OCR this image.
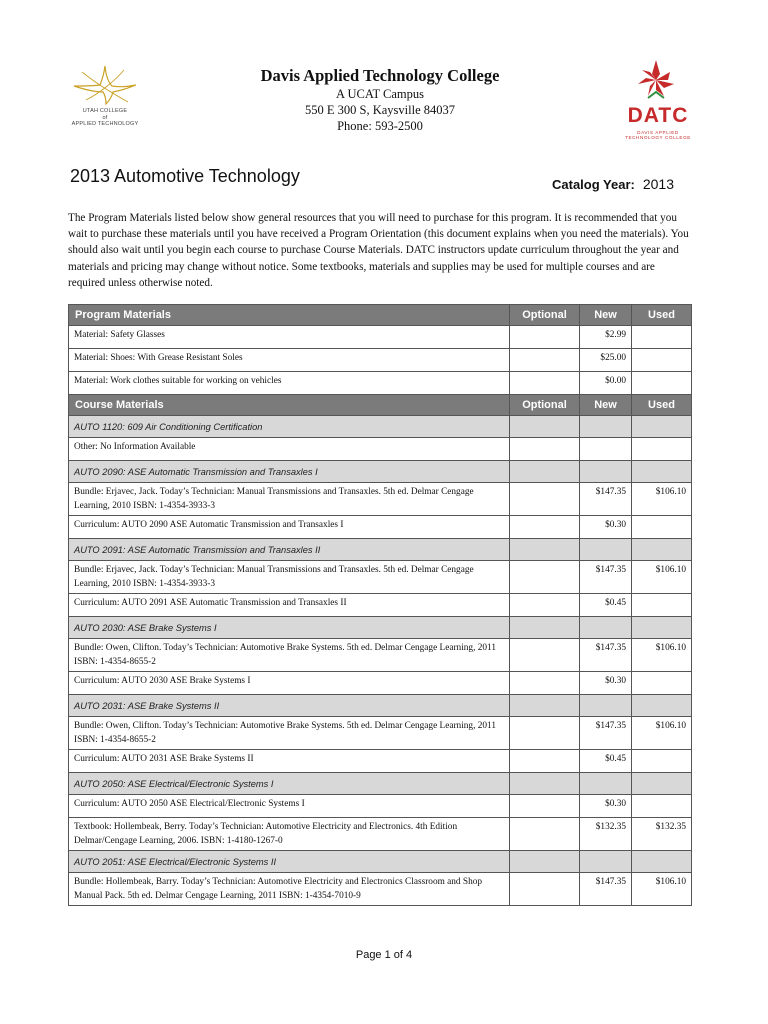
UTAH COLLEGE
of
APPLIED TECHNOLOGY
Davis Applied Technology College
A UCAT Campus
550 E 300 S, Kaysville 84037
Phone: 593-2500	DATC
DAVIS APPLIED
TECHNOLOGY COLLEGE
2013 Automotive Technology	Catalog Year: 2013
The Program Materials listed below show general resources that you will need to purchase for this program. It is recommended that you wait to purchase these materials until you have received a Program Orientation (this document explains when you need the materials). You should also wait until you begin each course to purchase Course Materials. DATC instructors update curriculum throughout the year and materials and pricing may change without notice. Some textbooks, materials and supplies may be used for multiple courses and are required unless otherwise noted.
Program Materials	Optional	New	Used
Material: Safety Glasses		$2.99	
Material: Shoes: With Grease Resistant Soles		$25.00	
Material: Work clothes suitable for working on vehicles		$0.00	
Course Materials	Optional	New	Used
AUTO 1120: 609 Air Conditioning Certification			
Other: No Information Available			
AUTO 2090: ASE Automatic Transmission and Transaxles I			
Bundle: Erjavec, Jack. Today’s Technician: Manual Transmissions and Transaxles. 5th ed. Delmar Cengage Learning, 2010 ISBN: 1-4354-3933-3		$147.35	$106.10
Curriculum: AUTO 2090 ASE Automatic Transmission and Transaxles I		$0.30	
AUTO 2091: ASE Automatic Transmission and Transaxles II			
Bundle: Erjavec, Jack. Today’s Technician: Manual Transmissions and Transaxles. 5th ed. Delmar Cengage Learning, 2010 ISBN: 1-4354-3933-3		$147.35	$106.10
Curriculum: AUTO 2091 ASE Automatic Transmission and Transaxles II		$0.45	
AUTO 2030: ASE Brake Systems I			
Bundle: Owen, Clifton. Today’s Technician: Automotive Brake Systems. 5th ed. Delmar Cengage Learning, 2011 ISBN: 1-4354-8655-2		$147.35	$106.10
Curriculum: AUTO 2030 ASE Brake Systems I		$0.30	
AUTO 2031: ASE Brake Systems II			
Bundle: Owen, Clifton. Today’s Technician: Automotive Brake Systems. 5th ed. Delmar Cengage Learning, 2011 ISBN: 1-4354-8655-2		$147.35	$106.10
Curriculum: AUTO 2031 ASE Brake Systems II		$0.45	
AUTO 2050: ASE Electrical/Electronic Systems I			
Curriculum: AUTO 2050 ASE Electrical/Electronic Systems I		$0.30	
Textbook: Hollembeak, Berry. Today’s Technician: Automotive Electricity and Electronics. 4th Edition Delmar/Cengage Learning, 2006. ISBN: 1-4180-1267-0		$132.35	$132.35
AUTO 2051: ASE Electrical/Electronic Systems II			
Bundle: Hollembeak, Barry. Today’s Technician: Automotive Electricity and Electronics Classroom and Shop Manual Pack. 5th ed. Delmar Cengage Learning, 2011 ISBN: 1-4354-7010-9		$147.35	$106.10
Page 1 of 4
